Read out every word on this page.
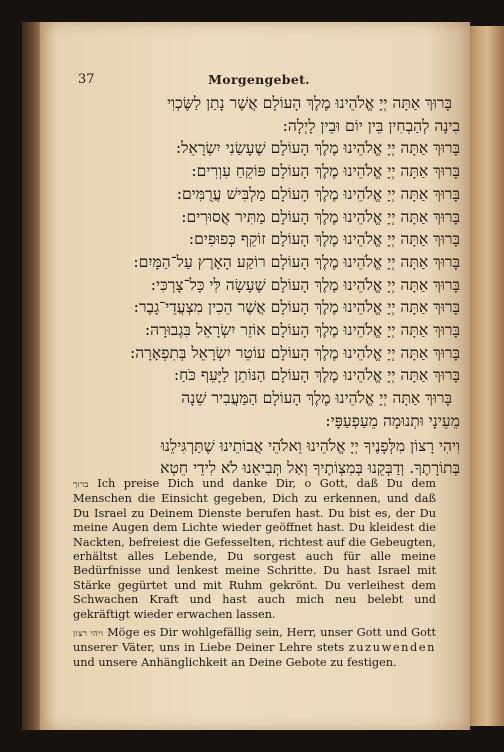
37	Morgengebet.
בָּרוּךְ אַתָּה יְיָ אֱלֹהֵינוּ מֶלֶךְ הָעוֹלָם אֲשֶׁר נָתַן לַשֶּׂכְוִי
בִינָה לְהַבְחִין בֵּין יוֹם וּבֵין לָיְלָה:
בָּרוּךְ אַתָּה יְיָ אֱלֹהֵינוּ מֶלֶךְ הָעוֹלָם שֶׁעָשַׂנִי יִשְׂרָאֵל:
בָּרוּךְ אַתָּה יְיָ אֱלֹהֵינוּ מֶלֶךְ הָעוֹלָם פּוֹקֵחַ עִוְרִים:
בָּרוּךְ אַתָּה יְיָ אֱלֹהֵינוּ מֶלֶךְ הָעוֹלָם מַלְבִּישׁ עֲרֻמִּים:
בָּרוּךְ אַתָּה יְיָ אֱלֹהֵינוּ מֶלֶךְ הָעוֹלָם מַתִּיר אֲסוּרִים:
בָּרוּךְ אַתָּה יְיָ אֱלֹהֵינוּ מֶלֶךְ הָעוֹלָם זוֹקֵף כְּפוּפִים:
בָּרוּךְ אַתָּה יְיָ אֱלֹהֵינוּ מֶלֶךְ הָעוֹלָם רוֹקַע הָאָרֶץ עַל־הַמָּיִם:
בָּרוּךְ אַתָּה יְיָ אֱלֹהֵינוּ מֶלֶךְ הָעוֹלָם שֶׁעָשָׂה לִּי כָּל־צָרְכִּי:
בָּרוּךְ אַתָּה יְיָ אֱלֹהֵינוּ מֶלֶךְ הָעוֹלָם אֲשֶׁר הֵכִין מִצְעֲדֵי־גָבֶר:
בָּרוּךְ אַתָּה יְיָ אֱלֹהֵינוּ מֶלֶךְ הָעוֹלָם אוֹזֵר יִשְׂרָאֵל בִּגְבוּרָה:
בָּרוּךְ אַתָּה יְיָ אֱלֹהֵינוּ מֶלֶךְ הָעוֹלָם עוֹטֵר יִשְׂרָאֵל בְּתִפְאָרָה:
בָּרוּךְ אַתָּה יְיָ אֱלֹהֵינוּ מֶלֶךְ הָעוֹלָם הַנּוֹתֵן לַיָּעֵף כֹּחַ:
בָּרוּךְ אַתָּה יְיָ אֱלֹהֵינוּ מֶלֶךְ הָעוֹלָם הַמַּעֲבִיר שֵׁנָה
מֵעֵינָי וּתְנוּמָה מֵעַפְעַפָּי:
וִיהִי רָצוֹן מִלְּפָנֶיךָ יְיָ אֱלֹהֵינוּ וֵאלֹהֵי אֲבוֹתֵינוּ שֶׁתַּרְגִּילֵנוּ
בְּתוֹרָתֶךָ. וְדַבְּקֵנוּ בְּמִצְוֹתֶיךָ וְאַל תְּבִיאֵנוּ לֹא לִידֵי חֵטְא

ברוך Ich preise Dich und danke Dir, o Gott, daß Du dem Menschen die Einsicht gegeben, Dich zu erkennen, und daß Du Israel zu Deinem Dienste berufen hast. Du bist es, der Du meine Augen dem Lichte wieder geöffnet hast. Du kleidest die Nackten, befreiest die Gefesselten, richtest auf die Gebeugten, erhältst alles Lebende, Du sorgest auch für alle meine Bedürfnisse und lenkest meine Schritte. Du hast Israel mit Stärke gegürtet und mit Ruhm gekrönt. Du verleihest dem Schwachen Kraft und hast auch mich neu belebt und gekräftigt wieder erwachen lassen.

ויהי רצון Möge es Dir wohlgefällig sein, Herr, unser Gott und Gott unserer Väter, uns in Liebe Deiner Lehre stets zuzuwenden und unsere Anhänglichkeit an Deine Gebote zu festigen.
